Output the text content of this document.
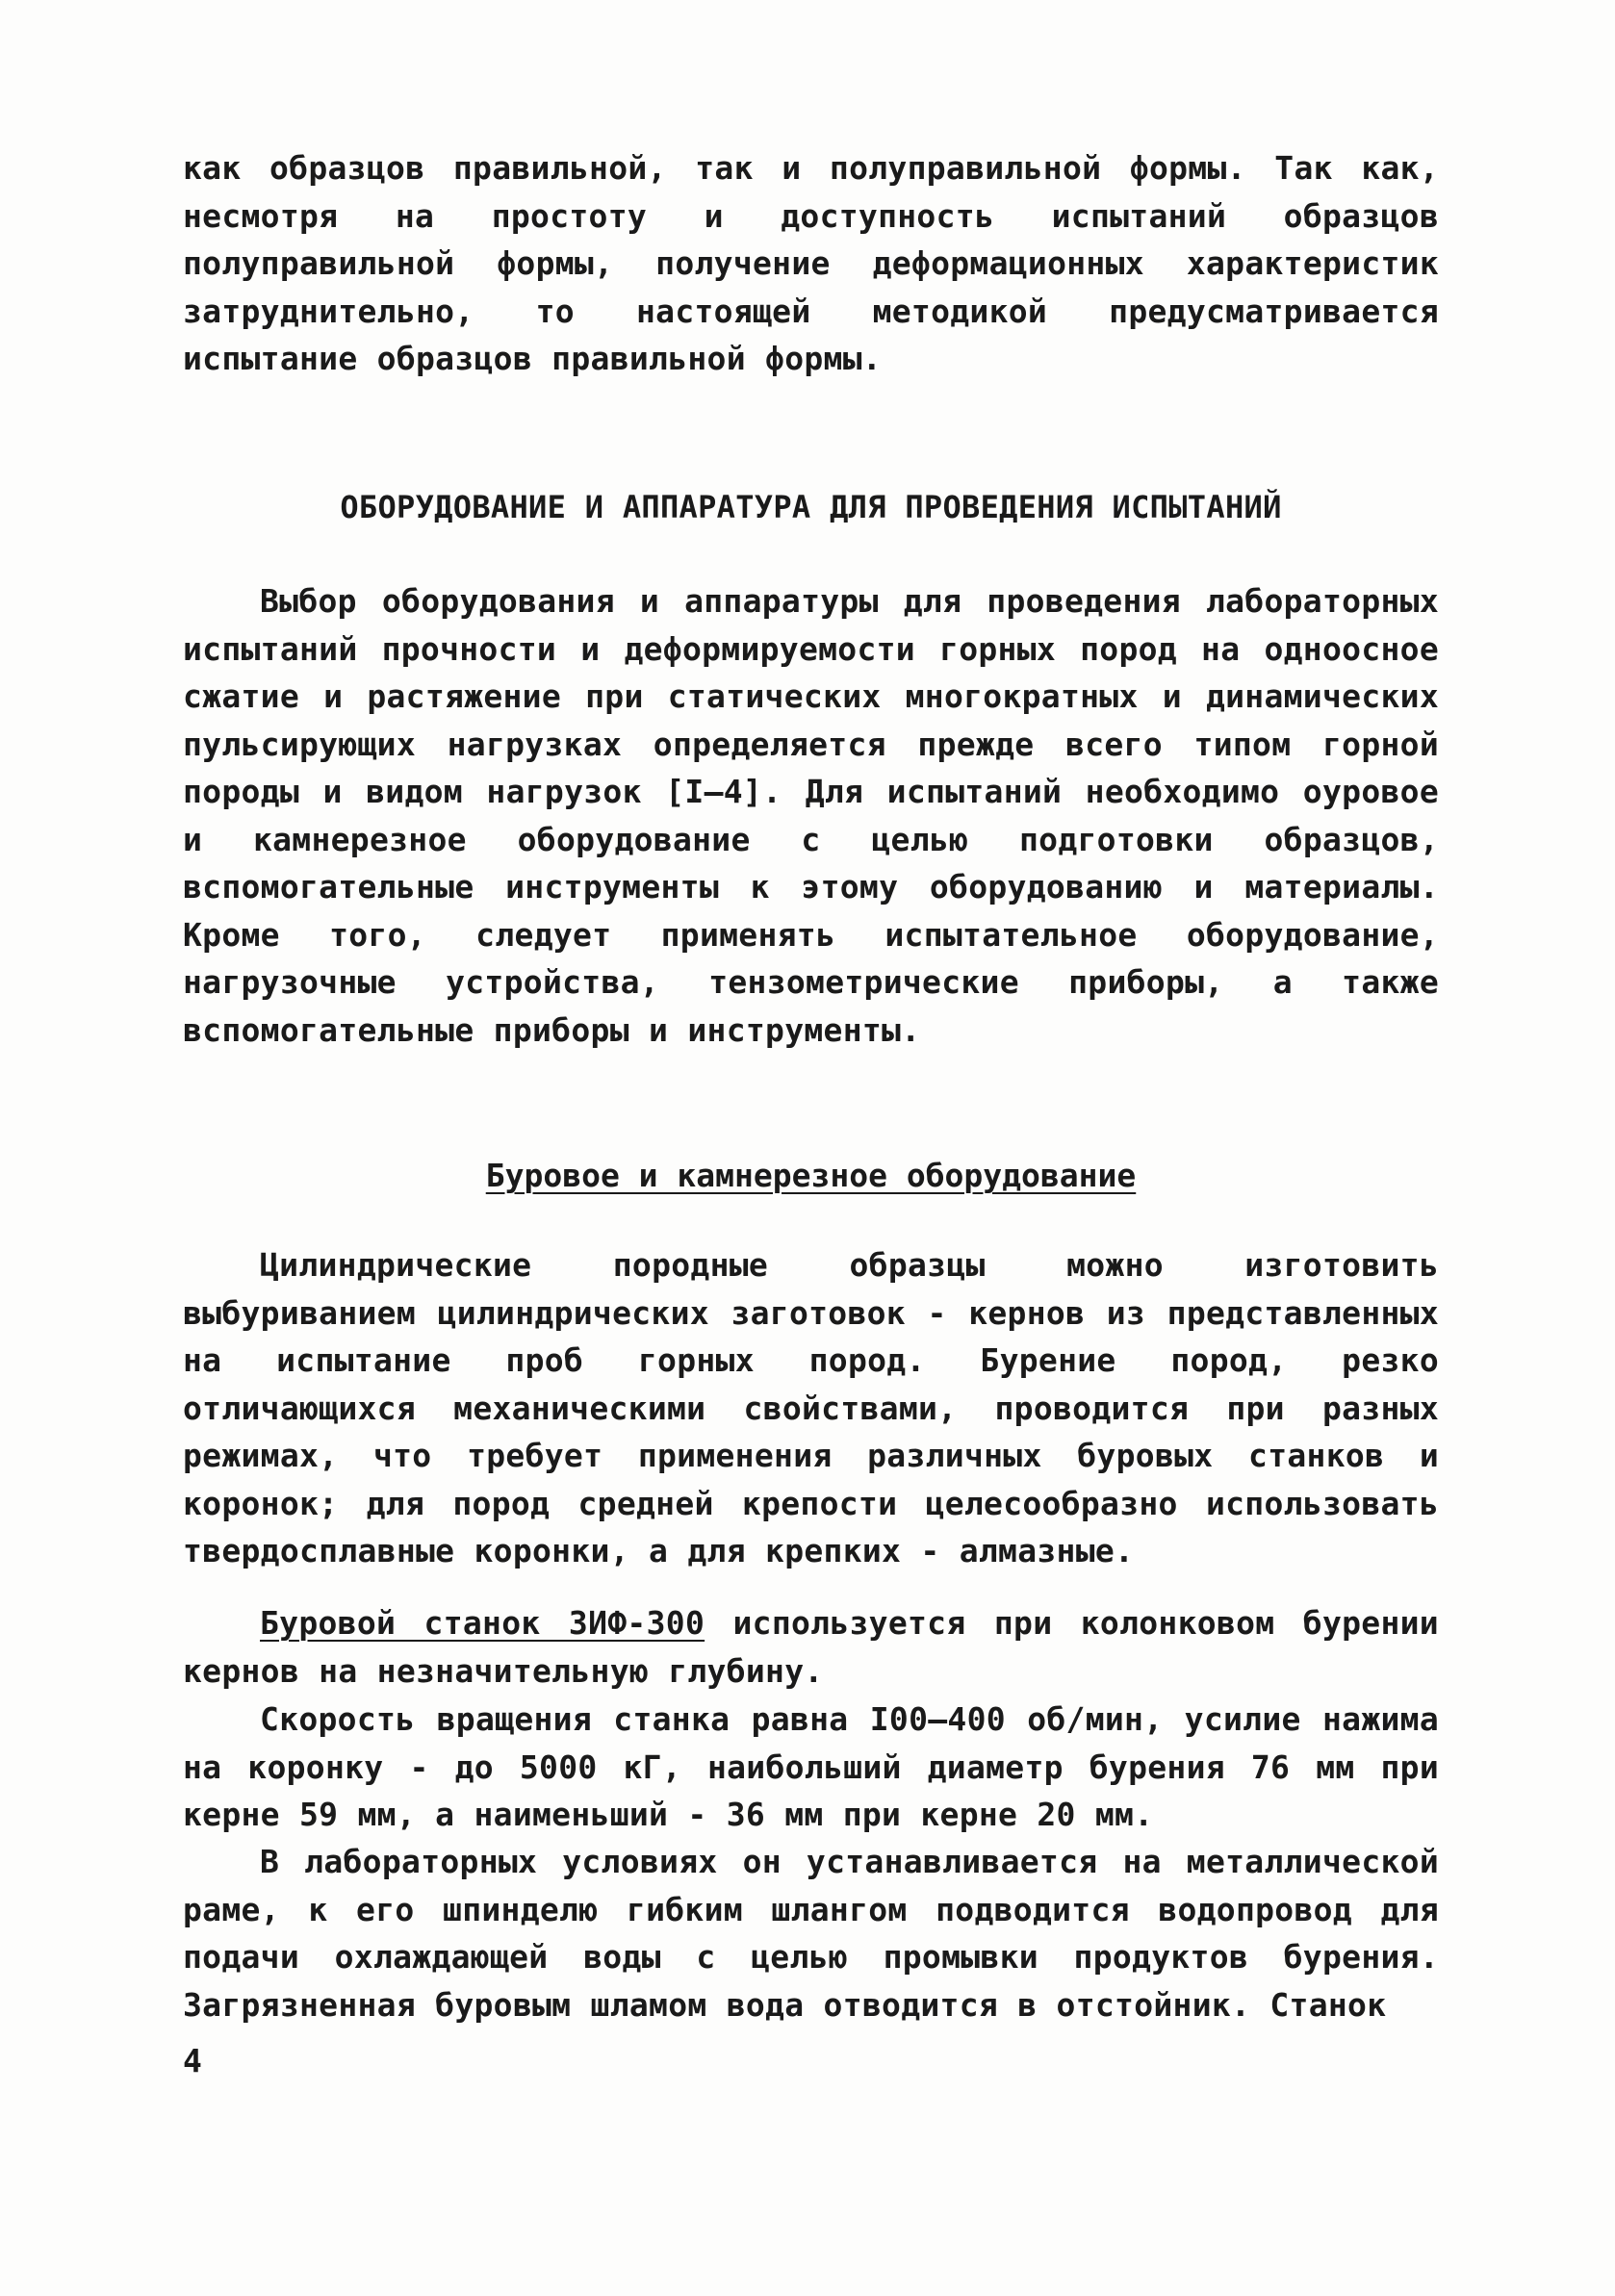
как образцов правильной, так и полуправильной формы. Так как, несмотря на простоту и доступность испытаний образцов полуправильной формы, получение деформационных характеристик затруднительно, то настоящей методикой предусматривается испытание образцов правильной формы.

ОБОРУДОВАНИЕ И АППАРАТУРА ДЛЯ ПРОВЕДЕНИЯ ИСПЫТАНИЙ

Выбор оборудования и аппаратуры для проведения лабораторных испытаний прочности и деформируемости горных пород на одноосное сжатие и растяжение при статических многократных и динамических пульсирующих нагрузках определяется прежде всего типом горной породы и видом нагрузок [I–4]. Для испытаний необходимо оуровое и камнерезное оборудование с целью подготовки образцов, вспомогательные инструменты к этому оборудованию и материалы. Кроме того, следует применять испытательное оборудование, нагрузочные устройства, тензометрические приборы, а также вспомогательные приборы и инструменты.

Буровое и камнерезное оборудование

Цилиндрические породные образцы можно изготовить выбуриванием цилиндрических заготовок - кернов из представленных на испытание проб горных пород. Бурение пород, резко отличающихся механическими свойствами, проводится при разных режимах, что требует применения различных буровых станков и коронок; для пород средней крепости целесообразно использовать твердосплавные коронки, а для крепких - алмазные.

Буровой станок ЗИФ-300 используется при колонковом бурении кернов на незначительную глубину.

Скорость вращения станка равна I00–400 об/мин, усилие нажима на коронку - до 5000 кГ, наибольший диаметр бурения 76 мм при керне 59 мм, а наименьший - 36 мм при керне 20 мм.

В лабораторных условиях он устанавливается на металлической раме, к его шпинделю гибким шлангом подводится водопровод для подачи охлаждающей воды с целью промывки продуктов бурения. Загрязненная буровым шламом вода отводится в отстойник. Станок

4
